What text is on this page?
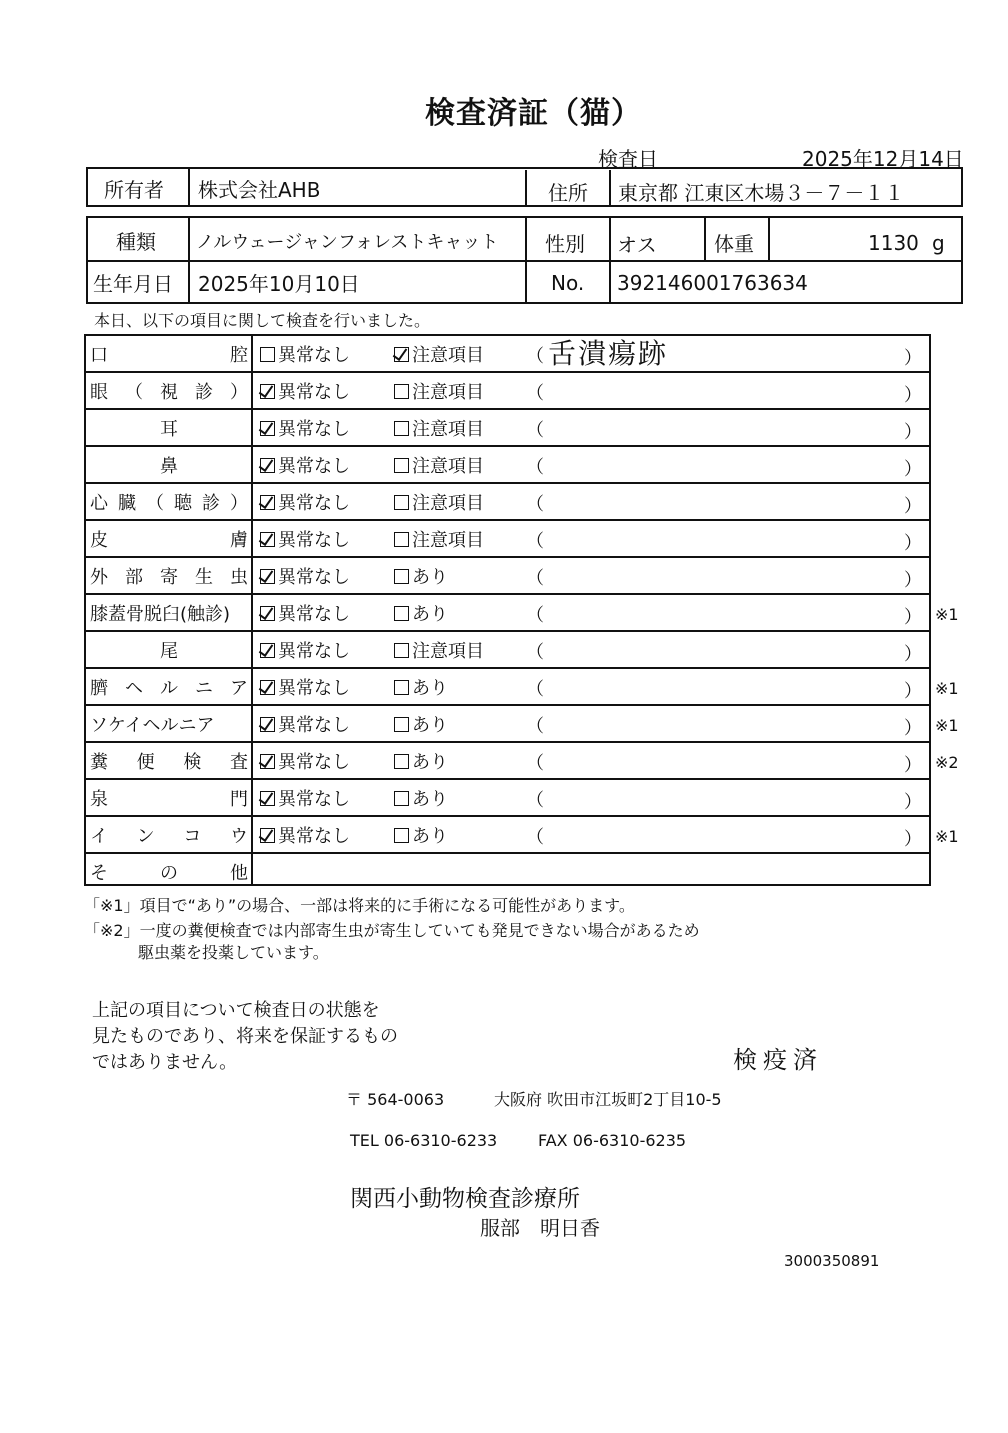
検査済証（猫）
検査日	2025年12月14日
所有者 株式会社AHB	住所 東京都 江東区木場３－７－１１
種類 ノルウェージャンフォレストキャット 性別 オス	体重	1130 g
生年月日 2025年10月10日	No. 392146001763634
本日、以下の項目に関して検査を行いました。
口	腔	異常なし	注意項目 （ 舌潰瘍跡	）
眼 （ 視 診 ）	異常なし	注意項目 （	）
耳	異常なし	注意項目 （	）
鼻	異常なし	注意項目 （	）
心 臓 （ 聴 診 ）	異常なし	注意項目 （	）
皮	膚	異常なし	注意項目 （	）
外 部 寄 生 虫	異常なし	あり	（	）
膝蓋骨脱臼(触診)	異常なし	あり	（	） ※1
尾	異常なし	注意項目 （	）
臍 ヘ ル ニ ア	異常なし	あり	（	） ※1
ソケイヘルニア	異常なし	あり	（	） ※1
糞 便 検 査	異常なし	あり	（	） ※2
泉	門	異常なし	あり	（	）
イ ン コ ウ	異常なし	あり	（	） ※1
そ	の	他
「※1」項目で“あり”の場合、一部は将来的に手術になる可能性があります。
「※2」一度の糞便検査では内部寄生虫が寄生していても発見できない場合があるため
駆虫薬を投薬しています。
上記の項目について検査日の状態を
見たものであり、将来を保証するもの
ではありません。	検疫済
〒 564-0063	大阪府 吹田市江坂町2丁目10-5
TEL 06-6310-6233	FAX 06-6310-6235
関西小動物検査診療所
服部　明日香
3000350891
